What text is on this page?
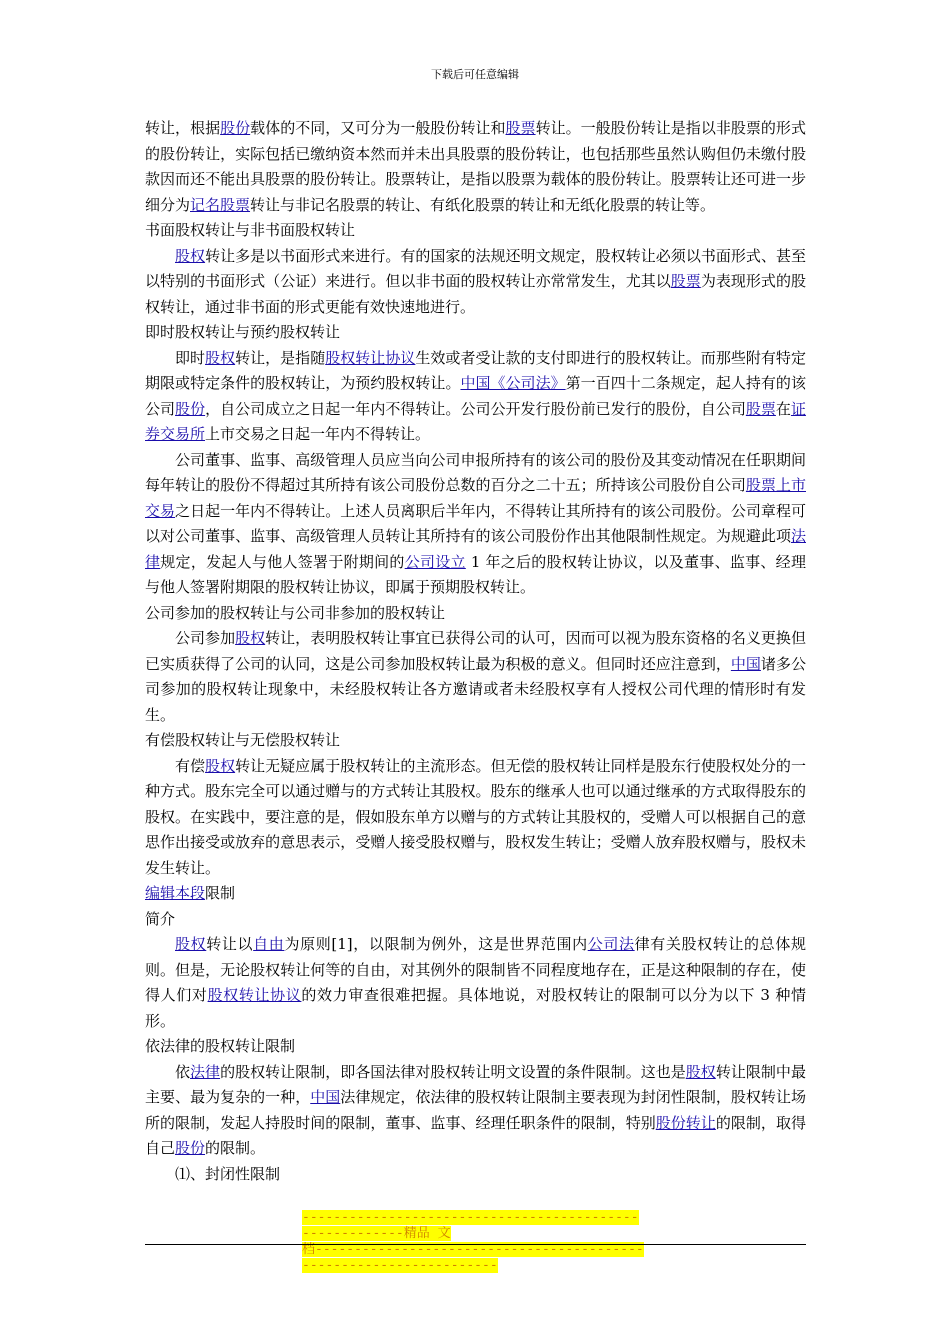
下载后可任意编辑

转让，根据股份载体的不同，又可分为一般股份转让和股票转让。一般股份转让是指以非股票的形式的股份转让，实际包括已缴纳资本然而并未出具股票的股份转让，也包括那些虽然认购但仍未缴付股款因而还不能出具股票的股份转让。股票转让，是指以股票为载体的股份转让。股票转让还可进一步细分为记名股票转让与非记名股票的转让、有纸化股票的转让和无纸化股票的转让等。

书面股权转让与非书面股权转让

股权转让多是以书面形式来进行。有的国家的法规还明文规定，股权转让必须以书面形式、甚至以特别的书面形式（公证）来进行。但以非书面的股权转让亦常常发生，尤其以股票为表现形式的股权转让，通过非书面的形式更能有效快速地进行。

即时股权转让与预约股权转让

即时股权转让，是指随股权转让协议生效或者受让款的支付即进行的股权转让。而那些附有特定期限或特定条件的股权转让，为预约股权转让。中国《公司法》第一百四十二条规定，起人持有的该公司股份，自公司成立之日起一年内不得转让。公司公开发行股份前已发行的股份，自公司股票在证券交易所上市交易之日起一年内不得转让。

公司董事、监事、高级管理人员应当向公司申报所持有的该公司的股份及其变动情况在任职期间每年转让的股份不得超过其所持有该公司股份总数的百分之二十五；所持该公司股份自公司股票上市交易之日起一年内不得转让。上述人员离职后半年内，不得转让其所持有的该公司股份。公司章程可以对公司董事、监事、高级管理人员转让其所持有的该公司股份作出其他限制性规定。为规避此项法律规定，发起人与他人签署于附期间的公司设立 1 年之后的股权转让协议，以及董事、监事、经理与他人签署附期限的股权转让协议，即属于预期股权转让。

公司参加的股权转让与公司非参加的股权转让

公司参加股权转让，表明股权转让事宜已获得公司的认可，因而可以视为股东资格的名义更换但已实质获得了公司的认同，这是公司参加股权转让最为积极的意义。但同时还应注意到，中国诸多公司参加的股权转让现象中，未经股权转让各方邀请或者未经股权享有人授权公司代理的情形时有发生。

有偿股权转让与无偿股权转让

有偿股权转让无疑应属于股权转让的主流形态。但无偿的股权转让同样是股东行使股权处分的一种方式。股东完全可以通过赠与的方式转让其股权。股东的继承人也可以通过继承的方式取得股东的股权。在实践中，要注意的是，假如股东单方以赠与的方式转让其股权的，受赠人可以根据自己的意思作出接受或放弃的意思表示，受赠人接受股权赠与，股权发生转让；受赠人放弃股权赠与，股权未发生转让。

编辑本段限制

简介

股权转让以自由为原则[1]，以限制为例外，这是世界范围内公司法律有关股权转让的总体规则。但是，无论股权转让何等的自由，对其例外的限制皆不同程度地存在，正是这种限制的存在，使得人们对股权转让协议的效力审查很难把握。具体地说，对股权转让的限制可以分为以下 3 种情形。

依法律的股权转让限制

依法律的股权转让限制，即各国法律对股权转让明文设置的条件限制。这也是股权转让限制中最主要、最为复杂的一种，中国法律规定，依法律的股权转让限制主要表现为封闭性限制，股权转让场所的限制，发起人持股时间的限制，董事、监事、经理任职条件的限制，特别股份转让的限制，取得自己股份的限制。

⑴、封闭性限制

--------------------------------------------------------精品 文
档-------------------------------------------------------------------
